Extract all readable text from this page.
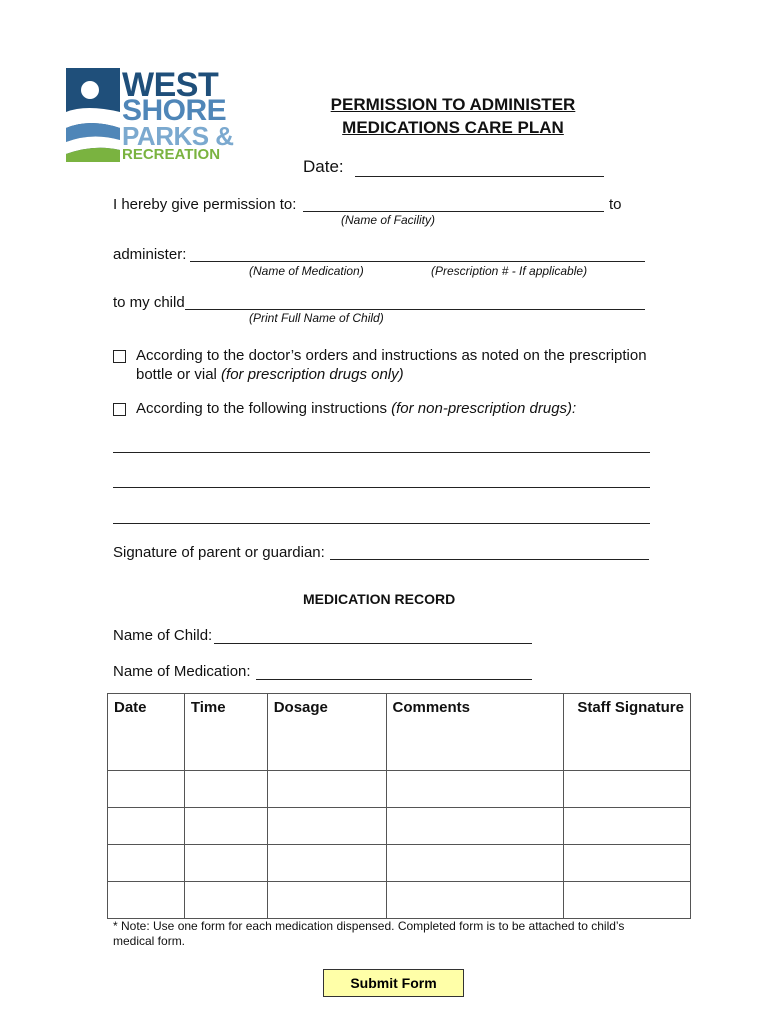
WEST
SHORE
PARKS &
RECREATION
PERMISSION TO ADMINISTER
MEDICATIONS CARE PLAN
Date:
I hereby give permission to:	to
(Name of Facility)
administer:
(Name of Medication)	(Prescription # - If applicable)
to my child
(Print Full Name of Child)
According to the doctor’s orders and instructions as noted on the prescription
bottle or vial (for prescription drugs only)
According to the following instructions (for non-prescription drugs):
Signature of parent or guardian:
MEDICATION RECORD
Name of Child:
Name of Medication:
Date	Time	Dosage	Comments	Staff Signature

* Note: Use one form for each medication dispensed. Completed form is to be attached to child’s
medical form.
Submit Form
